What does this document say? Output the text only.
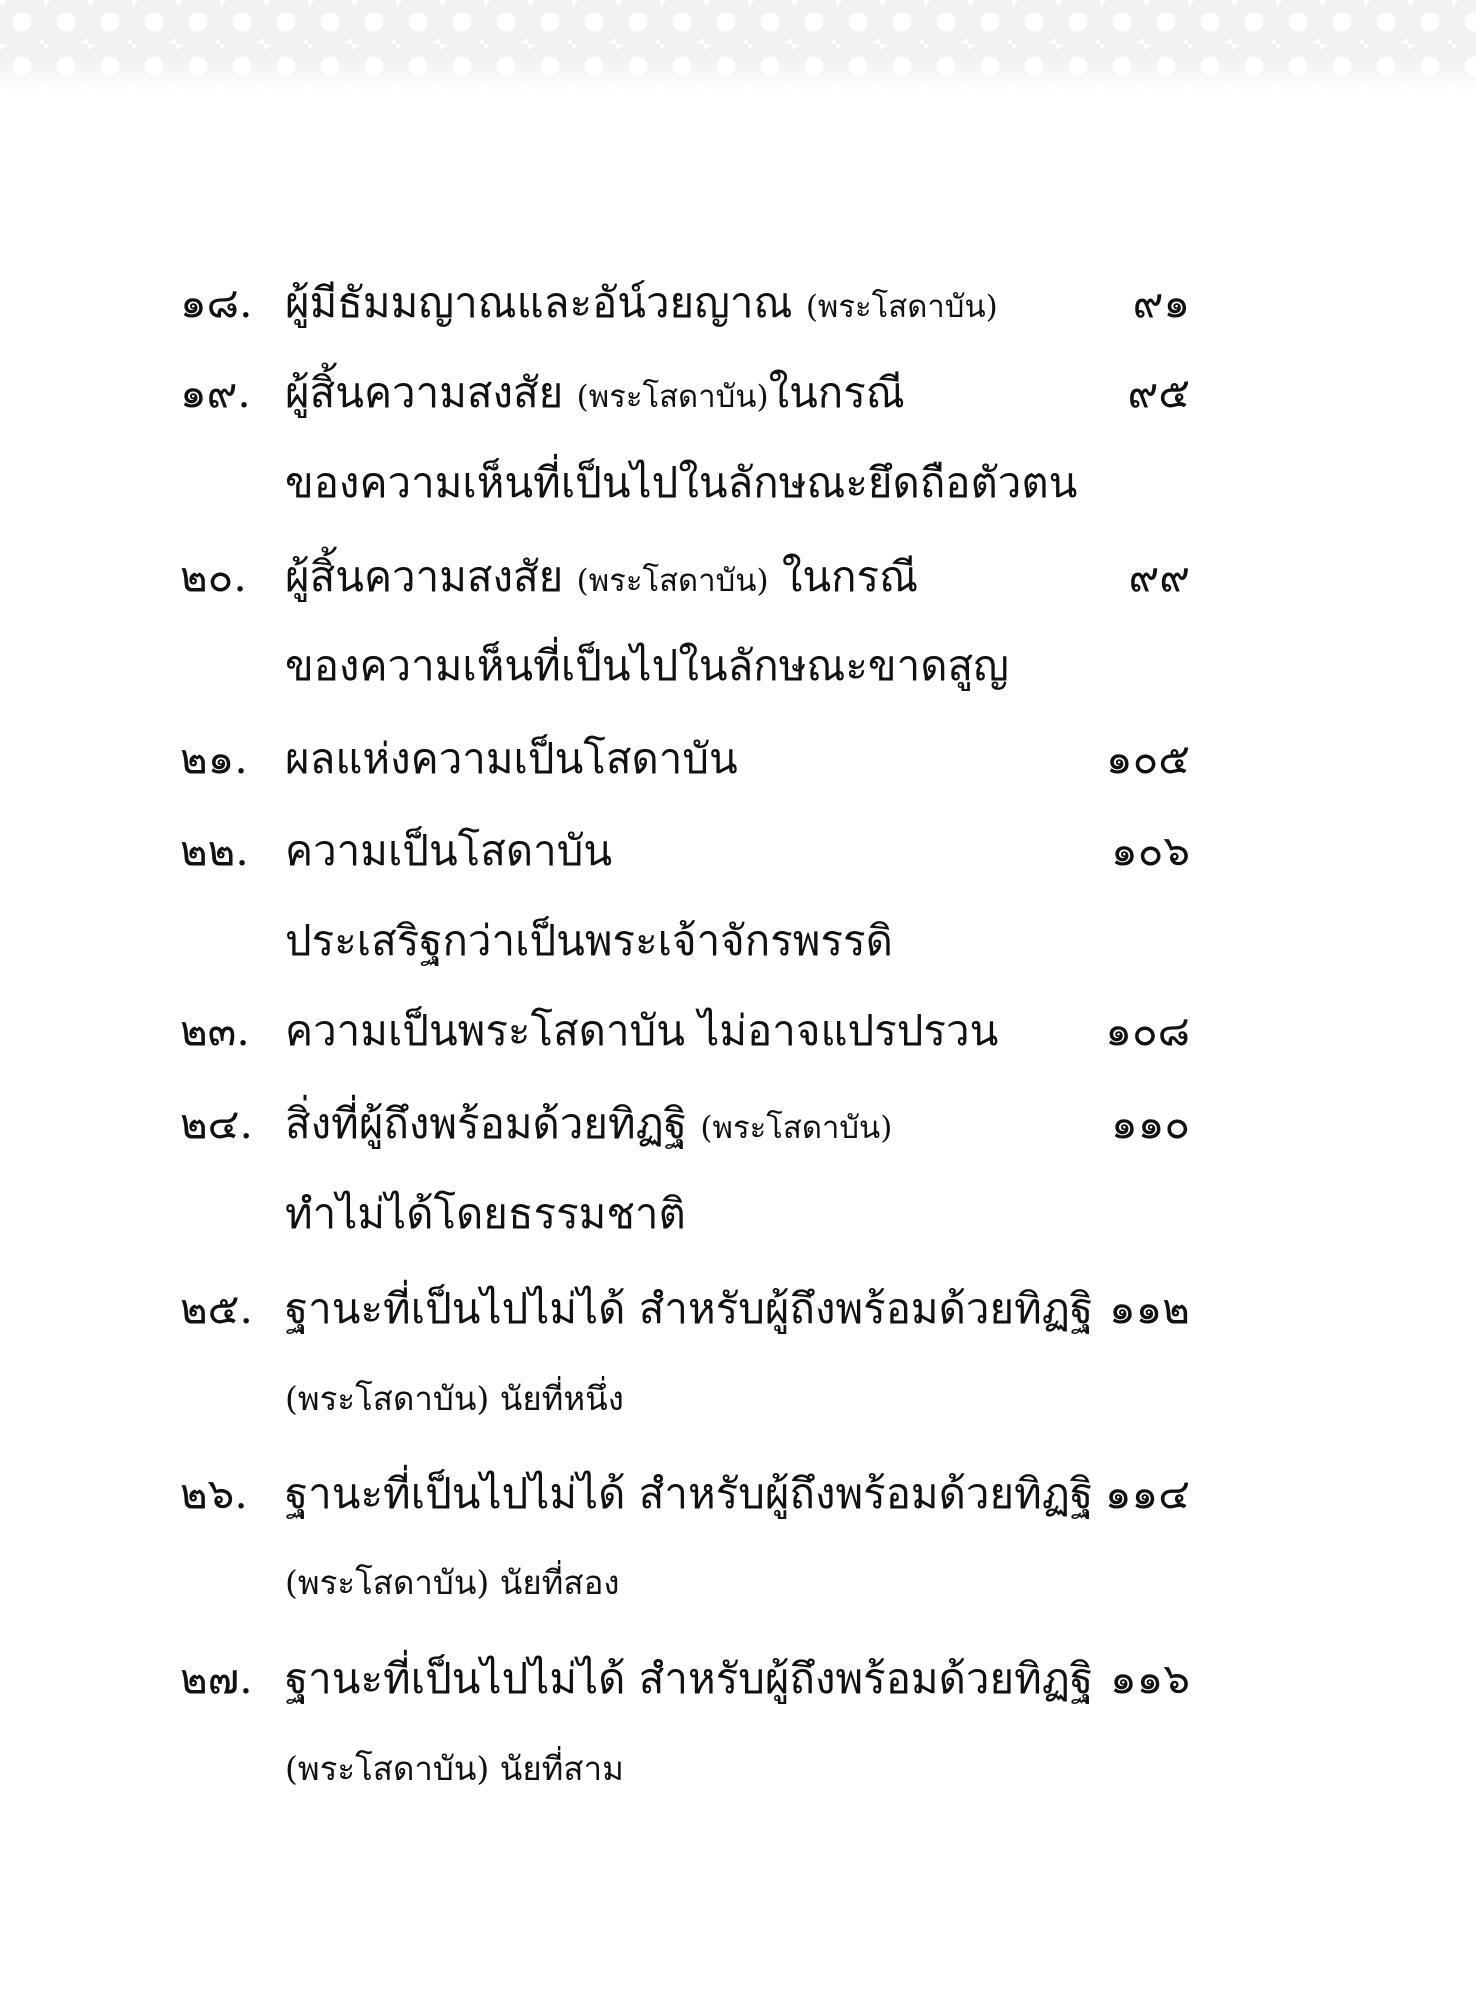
๑๘. ผู้มีธัมมญาณและอัน์วยญาณ (พระโสดาบัน)	๙๑
๑๙. ผู้สิ้นความสงสัย (พระโสดาบัน)ในกรณี	๙๕
ของความเห็นที่เป็นไปในลักษณะยึดถือตัวตน
๒๐. ผู้สิ้นความสงสัย (พระโสดาบัน) ในกรณี	๙๙
ของความเห็นที่เป็นไปในลักษณะขาดสูญ
๒๑. ผลแห่งความเป็นโสดาบัน	๑๐๕
๒๒. ความเป็นโสดาบัน	๑๐๖
ประเสริฐกว่าเป็นพระเจ้าจักรพรรดิ
๒๓. ความเป็นพระโสดาบัน ไม่อาจแปรปรวน	๑๐๘
๒๔. สิ่งที่ผู้ถึงพร้อมด้วยทิฏฐิ (พระโสดาบัน)	๑๑๐
ทำไม่ได้โดยธรรมชาติ
๒๕. ฐานะที่เป็นไปไม่ได้ สำหรับผู้ถึงพร้อมด้วยทิฏฐิ ๑๑๒
(พระโสดาบัน) นัยที่หนึ่ง
๒๖. ฐานะที่เป็นไปไม่ได้ สำหรับผู้ถึงพร้อมด้วยทิฏฐิ ๑๑๔
(พระโสดาบัน) นัยที่สอง
๒๗. ฐานะที่เป็นไปไม่ได้ สำหรับผู้ถึงพร้อมด้วยทิฏฐิ ๑๑๖
(พระโสดาบัน) นัยที่สาม
